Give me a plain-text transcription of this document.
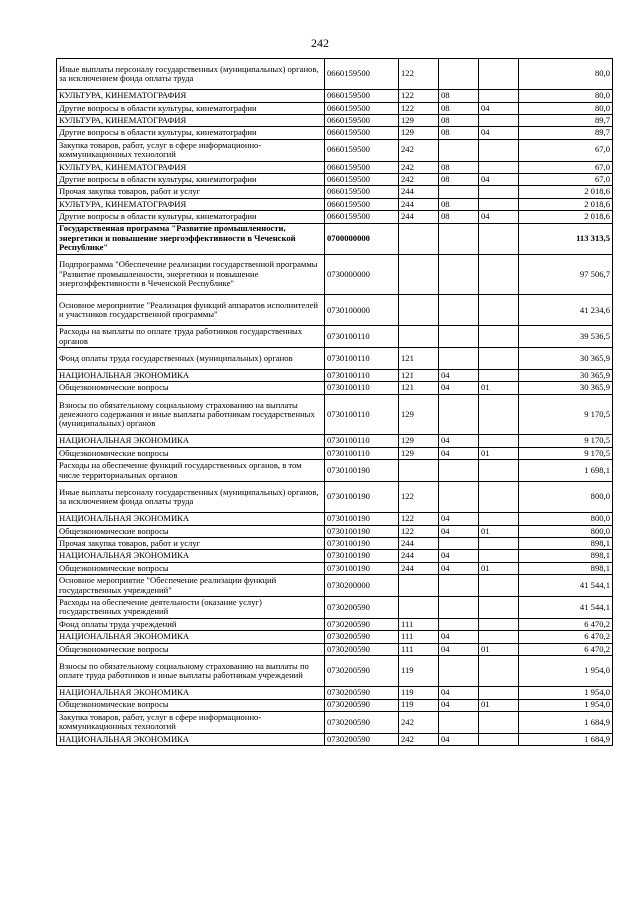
242
Иные выплаты персоналу государственных (муниципальных) органов, за исключением фонда оплаты труда	0660159500	122			80,0
КУЛЬТУРА, КИНЕМАТОГРАФИЯ	0660159500	122	08		80,0
Другие вопросы в области культуры, кинематографии	0660159500	122	08	04	80,0
КУЛЬТУРА, КИНЕМАТОГРАФИЯ	0660159500	129	08		89,7
Другие вопросы в области культуры, кинематографии	0660159500	129	08	04	89,7
Закупка товаров, работ, услуг в сфере информационно-коммуникационных технологий	0660159500	242			67,0
КУЛЬТУРА, КИНЕМАТОГРАФИЯ	0660159500	242	08		67,0
Другие вопросы в области культуры, кинематографии	0660159500	242	08	04	67,0
Прочая закупка товаров, работ и услуг	0660159500	244			2 018,6
КУЛЬТУРА, КИНЕМАТОГРАФИЯ	0660159500	244	08		2 018,6
Другие вопросы в области культуры, кинематографии	0660159500	244	08	04	2 018,6
Государственная программа "Развитие промышленности, энергетики и повышение энергоэффективности в Чеченской Республике"	0700000000				113 313,5
Подпрограмма "Обеспечение реализации государственной программы "Развитие промышленности, энергетики и повышение энергоэффективности в Чеченской Республике"	0730000000				97 506,7
Основное мероприятие "Реализация функций аппаратов исполнителей и участников государственной программы"	0730100000				41 234,6
Расходы на выплаты по оплате труда работников государственных органов	0730100110				39 536,5
Фонд оплаты труда государственных (муниципальных) органов	0730100110	121			30 365,9
НАЦИОНАЛЬНАЯ ЭКОНОМИКА	0730100110	121	04		30 365,9
Общеэкономические вопросы	0730100110	121	04	01	30 365,9
Взносы по обязательному социальному страхованию на выплаты денежного содержания и иные выплаты работникам государственных (муниципальных) органов	0730100110	129			9 170,5
НАЦИОНАЛЬНАЯ ЭКОНОМИКА	0730100110	129	04		9 170,5
Общеэкономические вопросы	0730100110	129	04	01	9 170,5
Расходы на обеспечение функций государственных органов, в том числе территориальных органов	0730100190				1 698,1
Иные выплаты персоналу государственных (муниципальных) органов, за исключением фонда оплаты труда	0730100190	122			800,0
НАЦИОНАЛЬНАЯ ЭКОНОМИКА	0730100190	122	04		800,0
Общеэкономические вопросы	0730100190	122	04	01	800,0
Прочая закупка товаров, работ и услуг	0730100190	244			898,1
НАЦИОНАЛЬНАЯ ЭКОНОМИКА	0730100190	244	04		898,1
Общеэкономические вопросы	0730100190	244	04	01	898,1
Основное мероприятие "Обеспечение реализации функций государственных учреждений"	0730200000				41 544,1
Расходы на обеспечение деятельности (оказание услуг) государственных учреждений	0730200590				41 544,1
Фонд оплаты труда учреждений	0730200590	111			6 470,2
НАЦИОНАЛЬНАЯ ЭКОНОМИКА	0730200590	111	04		6 470,2
Общеэкономические вопросы	0730200590	111	04	01	6 470,2
Взносы по обязательному социальному страхованию на выплаты по оплате труда работников и иные выплаты работникам учреждений	0730200590	119			1 954,0
НАЦИОНАЛЬНАЯ ЭКОНОМИКА	0730200590	119	04		1 954,0
Общеэкономические вопросы	0730200590	119	04	01	1 954,0
Закупка товаров, работ, услуг в сфере информационно-коммуникационных технологий	0730200590	242			1 684,9
НАЦИОНАЛЬНАЯ ЭКОНОМИКА	0730200590	242	04		1 684,9
